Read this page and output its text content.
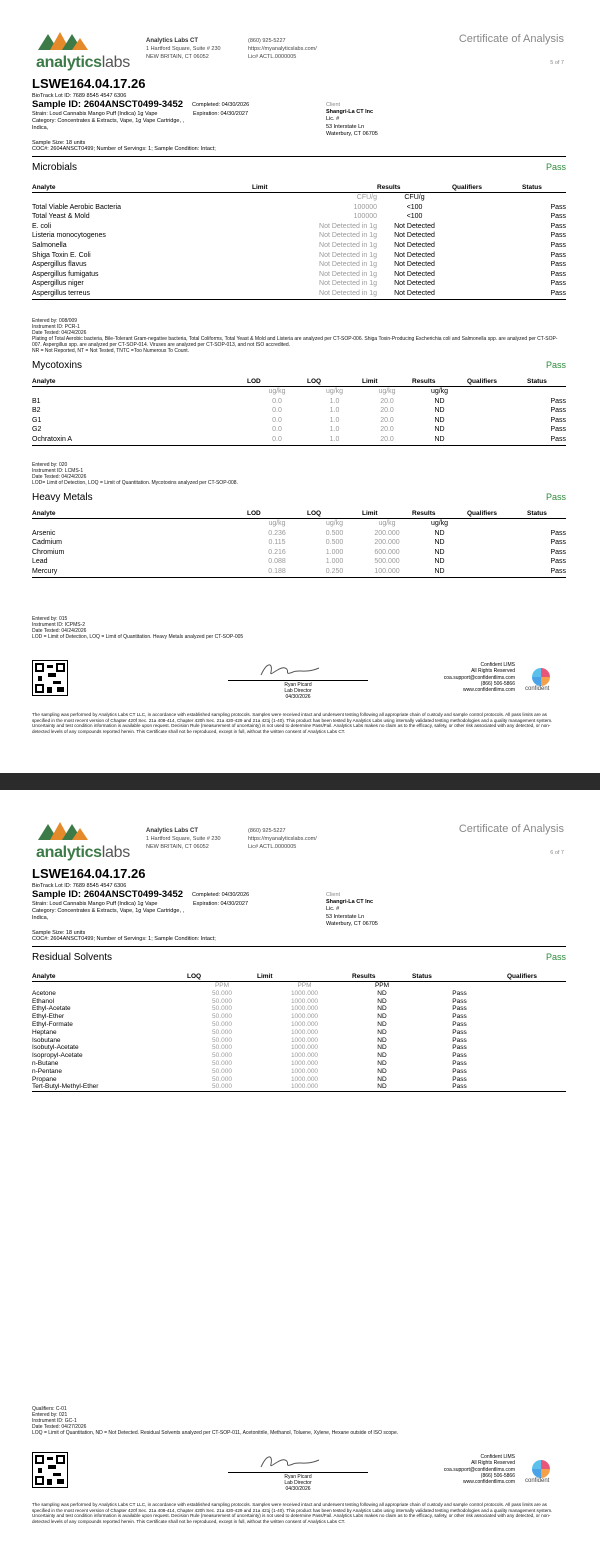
analyticslabs
Analytics Labs CT
1 Hartford Square, Suite # 230
NEW BRITAIN, CT 06052
(860) 925-5227
https://myanalyticslabs.com/
Lic# ACTL.0000005
Certificate of Analysis
5 of 7
LSWE164.04.17.26
BioTrack Lot ID: 7689 8545 4547 6306
Sample ID: 2604ANSCT0499-3452 Completed: 04/30/2026
Strain: Loud Cannabis Mango Puff (Indica) 1g Vape	Expiration: 04/30/2027
Category: Concentrates & Extracts, Vape, 1g Vape Cartridge, ,
Indica,
Sample Size: 18 units
COC#: 2604ANSCT0499; Number of Servings: 1; Sample Condition: Intact;
Client
Shangri-La CT Inc
Lic. #
53 Interstate Ln
Waterbury, CT 06705
Microbials	Pass
Analyte	Limit	Results	Qualifiers	Status
	CFU/g	CFU/g		
Total Viable Aerobic Bacteria	100000	<100		Pass
Total Yeast & Mold	100000	<100		Pass
E. coli	Not Detected in 1g	Not Detected		Pass
Listeria monocytogenes	Not Detected in 1g	Not Detected		Pass
Salmonella	Not Detected in 1g	Not Detected		Pass
Shiga Toxin E. Coli	Not Detected in 1g	Not Detected		Pass
Aspergillus flavus	Not Detected in 1g	Not Detected		Pass
Aspergillus fumigatus	Not Detected in 1g	Not Detected		Pass
Aspergillus niger	Not Detected in 1g	Not Detected		Pass
Aspergillus terreus	Not Detected in 1g	Not Detected		Pass
Entered by: 008/009
Instrument ID: PCR-1
Date Tested: 04/24/2026
Plating of Total Aerobic bacteria, Bile-Tolerant Gram-negative bacteria, Total Coliforms, Total Yeast & Mold and Listeria are analyzed per CT-SOP-006. Shiga Toxin-Producing Escherichia coli and Salmonella spp. are analyzed per CT-SOP-007. Aspergillus spp. are analyzed per CT-SOP-014. Viruses are analyzed per CT-SOP-013, and not ISO accredited.
NR = Not Reported, NT = Not Tested, TNTC =Too Numerous To Count.
Mycotoxins	Pass
Analyte	LOD	LOQ	Limit	Results	Qualifiers	Status
	ug/kg	ug/kg	ug/kg	ug/kg		
B1	0.0	1.0	20.0	ND		Pass
B2	0.0	1.0	20.0	ND		Pass
G1	0.0	1.0	20.0	ND		Pass
G2	0.0	1.0	20.0	ND		Pass
Ochratoxin A	0.0	1.0	20.0	ND		Pass
Entered by: 020
Instrument ID: LCMS-1
Date Tested: 04/24/2026
LOD= Limit of Detection, LOQ = Limit of Quantitation. Mycotoxins analyzed per CT-SOP-008.
Heavy Metals	Pass
Analyte	LOD	LOQ	Limit	Results	Qualifiers	Status
	ug/kg	ug/kg	ug/kg	ug/kg		
Arsenic	0.236	0.500	200.000	ND		Pass
Cadmium	0.115	0.500	200.000	ND		Pass
Chromium	0.216	1.000	600.000	ND		Pass
Lead	0.088	1.000	500.000	ND		Pass
Mercury	0.188	0.250	100.000	ND		Pass
Entered by: 015
Instrument ID: ICPMS-2
Date Tested: 04/24/2026
LOD = Limit of Detection, LOQ = Limit of Quantitation. Heavy Metals analyzed per CT-SOP-005
Ryan Picard
Lab Director
04/30/2026
Confident LIMS
All Rights Reserved
coa.support@confidentlims.com
(866) 506-5866
www.confidentlims.com confident
The sampling was performed by Analytics Labs CT LLC, in accordance with established sampling protocols. Samples were received intact and underwent testing following all appropriate chain of custody and sample control protocols. All pass limits are as specified in the most recent version of Chapter 420f Sec. 21a 408-414, Chapter 420h Sec. 21a 420-429 and 21a 421j (1-40). This product has been tested by Analytics Labs using internally validated testing methodologies and a quality management system. Uncertainty and test condition information is available upon request. Decision Rule (measurement of uncertainty) is not used to determine Pass/Fail. Analytics Labs makes no claim as to the efficacy, safety, or other risk associated with any detected, or non-detected levels of any compounds reported herein. This Certificate shall not be reproduced, except in full, without the written consent of Analytics Labs CT.
analyticslabs
Analytics Labs CT
1 Hartford Square, Suite # 230
NEW BRITAIN, CT 06052
(860) 925-5227
https://myanalyticslabs.com/
Lic# ACTL.0000005
Certificate of Analysis
6 of 7
LSWE164.04.17.26
BioTrack Lot ID: 7689 8545 4547 6306
Sample ID: 2604ANSCT0499-3452 Completed: 04/30/2026
Strain: Loud Cannabis Mango Puff (Indica) 1g Vape	Expiration: 04/30/2027
Category: Concentrates & Extracts, Vape, 1g Vape Cartridge, ,
Indica,
Sample Size: 18 units
COC#: 2604ANSCT0499; Number of Servings: 1; Sample Condition: Intact;
Client
Shangri-La CT Inc
Lic. #
53 Interstate Ln
Waterbury, CT 06705
Residual Solvents	Pass
Analyte	LOQ	Limit	Results	Status	Qualifiers
	PPM	PPM	PPM		
Acetone	50.000	1000.000	ND	Pass	
Ethanol	50.000	1000.000	ND	Pass	
Ethyl-Acetate	50.000	1000.000	ND	Pass	
Ethyl-Ether	50.000	1000.000	ND	Pass	
Ethyl-Formate	50.000	1000.000	ND	Pass	
Heptane	50.000	1000.000	ND	Pass	
Isobutane	50.000	1000.000	ND	Pass	
Isobutyl-Acetate	50.000	1000.000	ND	Pass	
Isopropyl-Acetate	50.000	1000.000	ND	Pass	
n-Butane	50.000	1000.000	ND	Pass	
n-Pentane	50.000	1000.000	ND	Pass	
Propane	50.000	1000.000	ND	Pass	
Tert-Butyl-Methyl-Ether	50.000	1000.000	ND	Pass	
Qualifiers: C-01
Entered by: 021
Instrument ID: GC-1
Date Tested: 04/27/2026
LOQ = Limit of Quantitation, ND = Not Detected. Residual Solvents analyzed per CT-SOP-011, Acetonitrile, Methanol, Toluene, Xylene, Hexane outside of ISO scope.
Ryan Picard
Lab Director
04/30/2026
Confident LIMS
All Rights Reserved
coa.support@confidentlims.com
(866) 506-5866
www.confidentlims.com confident
The sampling was performed by Analytics Labs CT LLC, in accordance with established sampling protocols. Samples were received intact and underwent testing following all appropriate chain of custody and sample control protocols. All pass limits are as specified in the most recent version of Chapter 420f Sec. 21a 408-414, Chapter 420h Sec. 21a 420-429 and 21a 421j (1-40). This product has been tested by Analytics Labs using internally validated testing methodologies and a quality management system. Uncertainty and test condition information is available upon request. Decision Rule (measurement of uncertainty) is not used to determine Pass/Fail. Analytics Labs makes no claim as to the efficacy, safety, or other risk associated with any detected, or non-detected levels of any compounds reported herein. This Certificate shall not be reproduced, except in full, without the written consent of Analytics Labs CT.
